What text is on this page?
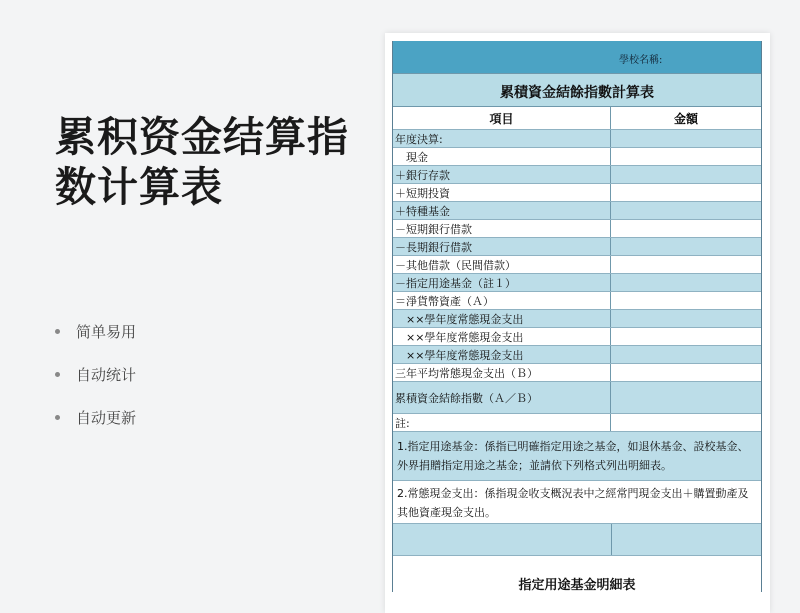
累积资金结算指数计算表
简单易用
自动统计
自动更新
學校名稱:
累積資金結餘指數計算表
項目	金額
年度決算:
　現金
＋銀行存款
＋短期投資
＋特種基金
－短期銀行借款
－長期銀行借款
－其他借款（民間借款）
－指定用途基金（註１）
＝淨貨幣資產（Ａ）
　××學年度常態現金支出
　××學年度常態現金支出
　××學年度常態現金支出
三年平均常態現金支出（Ｂ）
累積資金結餘指數（Ａ／Ｂ）
註:
1.指定用途基金：係指已明確指定用途之基金，如退休基金、設校基金、外界捐贈指定用途之基金；並請依下列格式列出明細表。
2.常態現金支出：係指現金收支概況表中之經常門現金支出＋購置動產及其他資產現金支出。
指定用途基金明細表
